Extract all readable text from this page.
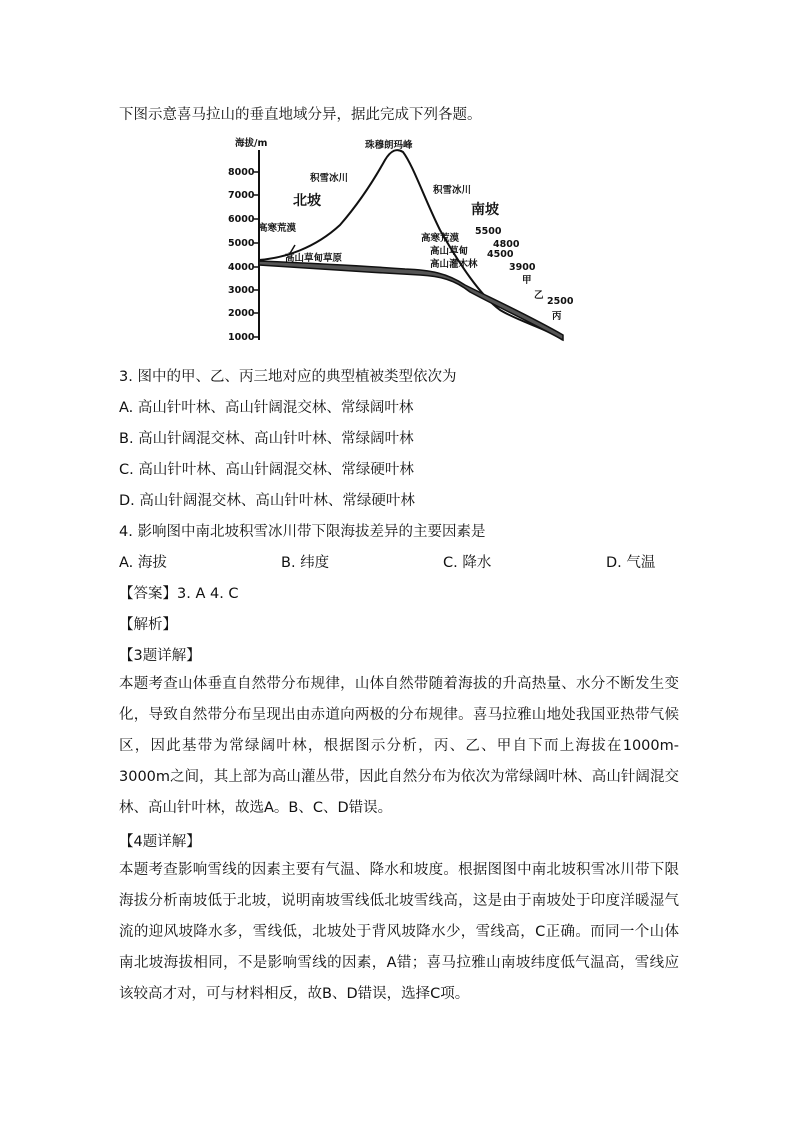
下图示意喜马拉山的垂直地域分异，据此完成下列各题。

海拔/m
8000
7000
6000
5000
4000
3000
2000
1000
珠穆朗玛峰
积雪冰川
北坡
高寒荒漠
高山草甸草原
积雪冰川
南坡
高寒荒漠
5500
4800
高山草甸 4500
高山灌木林	3900
甲
乙
2500
丙

3. 图中的甲、乙、丙三地对应的典型植被类型依次为

A. 高山针叶林、高山针阔混交林、常绿阔叶林

B. 高山针阔混交林、高山针叶林、常绿阔叶林

C. 高山针叶林、高山针阔混交林、常绿硬叶林

D. 高山针阔混交林、高山针叶林、常绿硬叶林

4. 影响图中南北坡积雪冰川带下限海拔差异的主要因素是

A. 海拔	B. 纬度	C. 降水	D. 气温

【答案】3. A 4. C

【解析】

【3题详解】

本题考查山体垂直自然带分布规律，山体自然带随着海拔的升高热量、水分不断发生变化，导致自然带分布呈现出由赤道向两极的分布规律。喜马拉雅山地处我国亚热带气候区，因此基带为常绿阔叶林，根据图示分析，丙、乙、甲自下而上海拔在1000m-3000m之间，其上部为高山灌丛带，因此自然分布为依次为常绿阔叶林、高山针阔混交林、高山针叶林，故选A。B、C、D错误。

【4题详解】

本题考查影响雪线的因素主要有气温、降水和坡度。根据图图中南北坡积雪冰川带下限海拔分析南坡低于北坡，说明南坡雪线低北坡雪线高，这是由于南坡处于印度洋暖湿气流的迎风坡降水多，雪线低，北坡处于背风坡降水少，雪线高，C正确。而同一个山体南北坡海拔相同，不是影响雪线的因素，A错；喜马拉雅山南坡纬度低气温高，雪线应该较高才对，可与材料相反，故B、D错误，选择C项。
